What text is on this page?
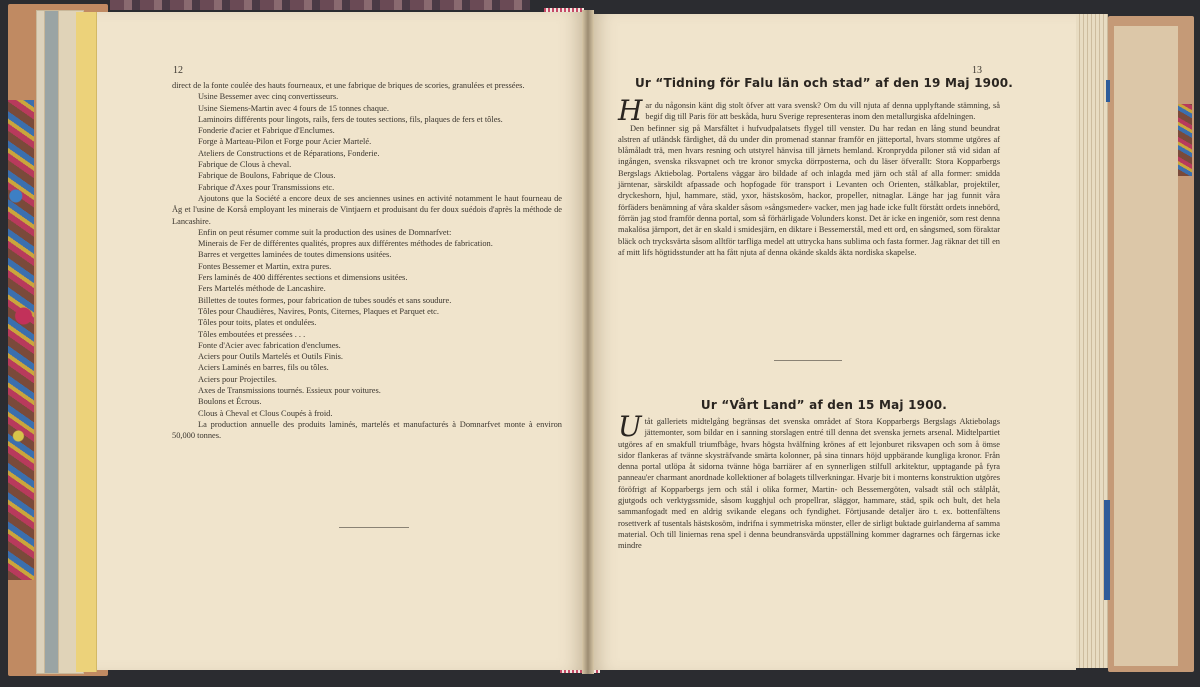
12

direct de la fonte coulée des hauts fourneaux, et une fabrique de briques de scories, granulées et pressées.

Usine Bessemer avec cinq convertisseurs.

Usine Siemens-Martin avec 4 fours de 15 tonnes chaque.

Laminoirs différents pour lingots, rails, fers de toutes sections, fils, plaques de fers et tôles.

Fonderie d'acier et Fabrique d'Enclumes.

Forge à Marteau-Pilon et Forge pour Acier Martelé.

Ateliers de Constructions et de Réparations, Fonderie.

Fabrique de Clous à cheval.

Fabrique de Boulons, Fabrique de Clous.

Fabrique d'Axes pour Transmissions etc.

Ajoutons que la Société a encore deux de ses anciennes usines en activité notamment le haut fourneau de Åg et l'usine de Korså employant les minerais de Vintjaern et produisant du fer doux suédois d'après la méthode de Lancashire.

Enfin on peut résumer comme suit la production des usines de Domnarfvet:

Minerais de Fer de différentes qualités, propres aux différentes méthodes de fabrication.

Barres et vergettes laminées de toutes dimensions usitées.

Fontes Bessemer et Martin, extra pures.

Fers laminés de 400 différentes sections et dimensions usitées.

Fers Martelés méthode de Lancashire.

Billettes de toutes formes, pour fabrication de tubes soudés et sans soudure.

Tôles pour Chaudières, Navires, Ponts, Citernes, Plaques et Parquet etc.

Tôles pour toits, plates et ondulées.

Tôles emboutées et pressées . . .

Fonte d'Acier avec fabrication d'enclumes.

Aciers pour Outils Martelés et Outils Finis.

Aciers Laminés en barres, fils ou tôles.

Aciers pour Projectiles.

Axes de Transmissions tournés. Essieux pour voitures.

Boulons et Écrous.

Clous à Cheval et Clous Coupés à froid.

La production annuelle des produits laminés, martelés et manufacturés à Domnarfvet monte à environ 50,000 tonnes.

13
Ur “Tidning för Falu län och stad” af den 19 Maj 1900.

Har du någonsin känt dig stolt öfver att vara svensk? Om du vill njuta af denna upplyftande stämning, så begif dig till Paris för att beskåda, huru Sverige representeras inom den metallurgiska afdelningen.

Den befinner sig på Marsfältet i hufvudpalatsets flygel till venster. Du har redan en lång stund beundrat alstren af utländsk färdighet, då du under din promenad stannar framför en jätteportal, hvars stomme utgöres af blåmåladt trä, men hvars resning och utstyrel hänvisa till järnets hemland. Kronprydda piloner stå vid sidan af ingången, svenska riksvapnet och tre kronor smycka dörrposterna, och du läser öfverallt: Stora Kopparbergs Bergslags Aktiebolag. Portalens väggar äro bildade af och inlagda med järn och stål af alla former: smidda järntenar, särskildt afpassade och hopfogade för transport i Levanten och Orienten, stålkablar, projektiler, dryckeshorn, hjul, hammare, städ, yxor, hästskosöm, hackor, propeller, nitnaglar. Länge har jag funnit våra förfäders benämning af våra skalder såsom »sångsmeder» vacker, men jag hade icke fullt förstått ordets innebörd, förrän jag stod framför denna portal, som så förhärligade Volunders konst. Det är icke en ingeniör, som rest denna makalösa järnport, det är en skald i smidesjärn, en diktare i Bessemerstål, med ett ord, en sångsmed, som föraktar bläck och trycksvärta såsom alltför tarfliga medel att uttrycka hans sublima och fasta former. Jag räknar det till en af mitt lifs högtidsstunder att ha fått njuta af denna okände skalds äkta nordiska skapelse.

Ur “Vårt Land” af den 15 Maj 1900.

Utåt galleriets midtelgång begränsas det svenska området af Stora Kopparbergs Bergslags Aktiebolags jättemonter, som bildar en i sanning storslagen entré till denna det svenska jernets arsenal. Midtelpartiet utgöres af en smakfull triumfbåge, hvars högsta hvälfning krönes af ett lejonburet riksvapen och som å ömse sidor flankeras af tvänne skysträfvande smärta kolonner, på sina tinnars höjd uppbärande kungliga kronor. Från denna portal utlöpa åt sidorna tvänne höga barriärer af en synnerligen stilfull arkitektur, upptagande på fyra panneau'er charmant anordnade kollektioner af bolagets tillverkningar. Hvarje bit i monterns konstruktion utgöres föröfrigt af Kopparbergs jern och stål i olika former, Martin- och Bessemergöten, valsadt stål och stålplåt, gjutgods och verktygssmide, såsom kugghjul och propellrar, släggor, hammare, städ, spik och bult, det hela sammanfogadt med en aldrig svikande elegans och fyndighet. Förtjusande detaljer äro t. ex. bottenfältens rosettverk af tusentals hästskosöm, indrifna i symmetriska mönster, eller de sirligt buktade guirlanderna af samma material. Och till liniernas rena spel i denna beundransvärda uppställning kommer dagrarnes och färgernas icke mindre
